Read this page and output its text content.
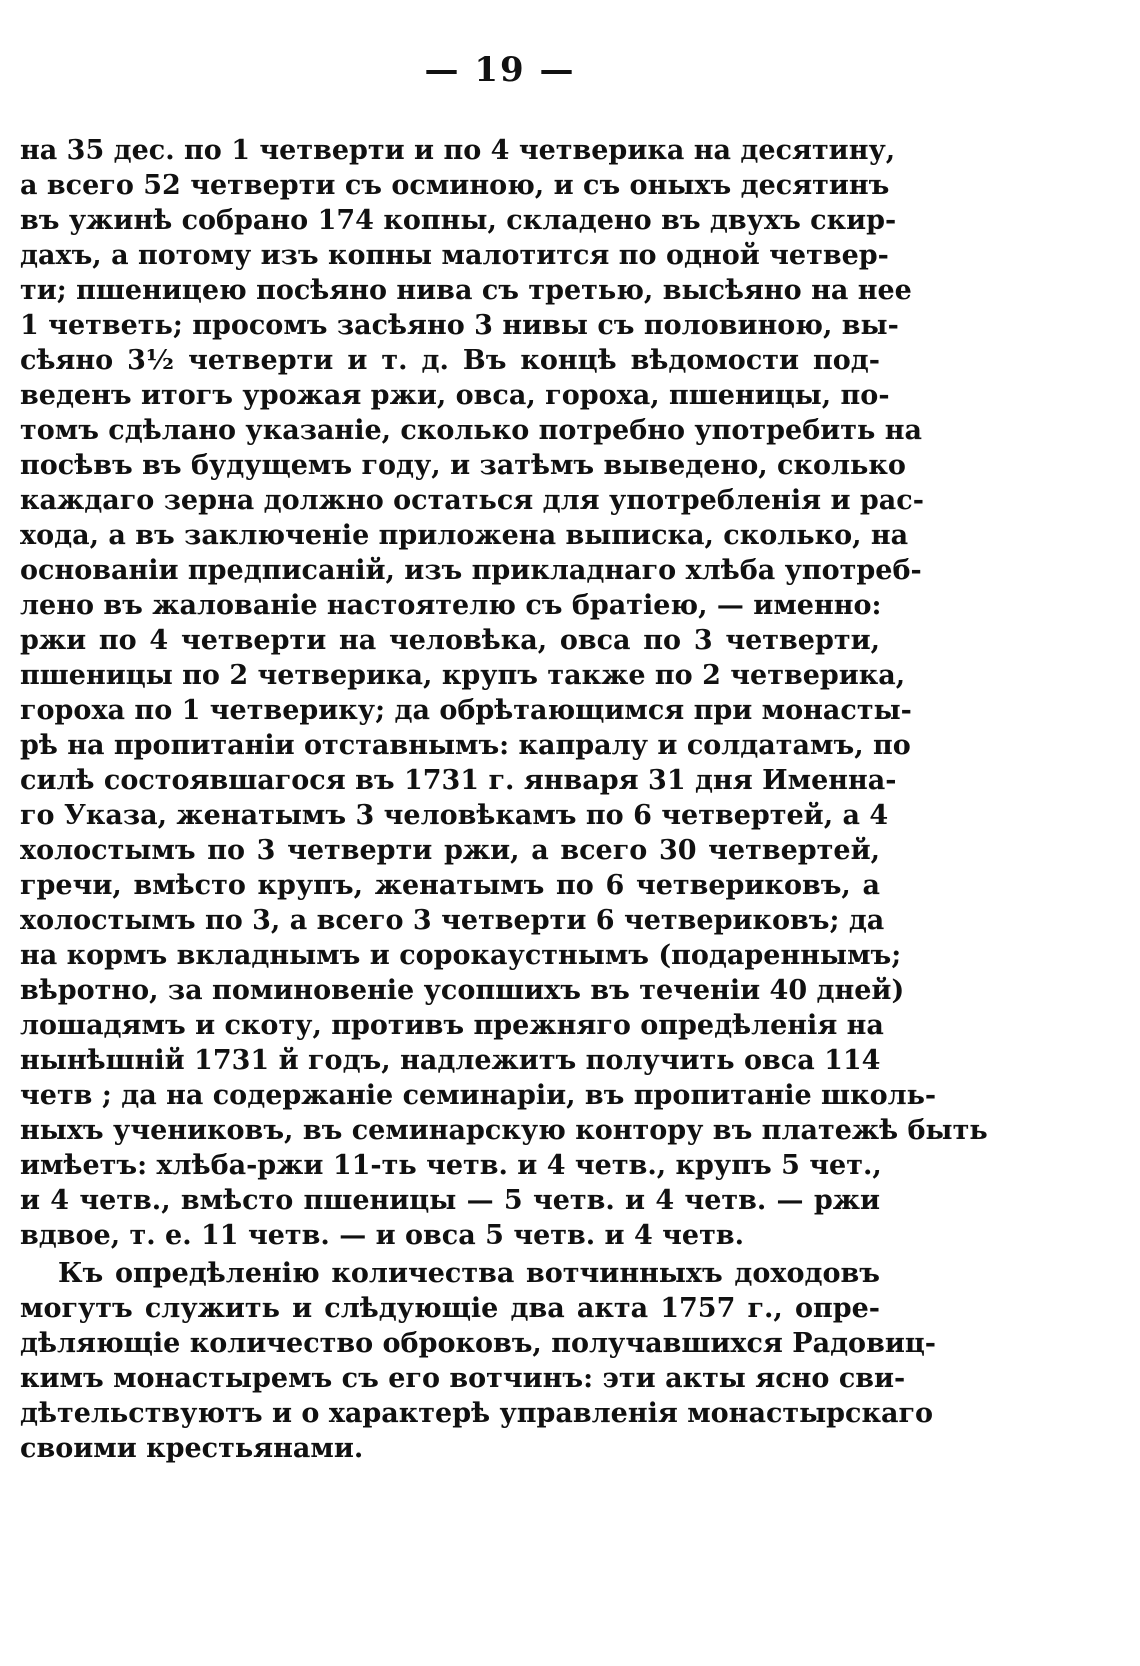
— 19 —
на 35 дес. по 1 четверти и по 4 четверика на десятину,
а всего 52 четверти съ осминою, и съ оныхъ десятинъ
въ ужинѣ собрано 174 копны, складено въ двухъ скир-
дахъ, а потому изъ копны малотится по одной четвер-
ти; пшеницею посѣяно нива съ третью, высѣяно на нее
1 четветь; просомъ засѣяно 3 нивы съ половиною, вы-
сѣяно 3½ четверти и т. д. Въ концѣ вѣдомости под-
веденъ итогъ урожая ржи, овса, гороха, пшеницы, по-
томъ сдѣлано указаніе, сколько потребно употребить на
посѣвъ въ будущемъ году, и затѣмъ выведено, сколько
каждаго зерна должно остаться для употребленія и рас-
хода, а въ заключеніе приложена выписка, сколько, на
основаніи предписаній, изъ прикладнаго хлѣба употреб-
лено въ жалованіе настоятелю съ братіею, — именно:
ржи по 4 четверти на человѣка, овса по 3 четверти,
пшеницы по 2 четверика, крупъ также по 2 четверика,
гороха по 1 четверику; да обрѣтающимся при монасты-
рѣ на пропитаніи отставнымъ: капралу и солдатамъ, по
силѣ состоявшагося въ 1731 г. января 31 дня Именна-
го Указа, женатымъ 3 человѣкамъ по 6 четвертей, а 4
холостымъ по 3 четверти ржи, а всего 30 четвертей,
гречи, вмѣсто крупъ, женатымъ по 6 четвериковъ, а
холостымъ по 3, а всего 3 четверти 6 четвериковъ; да
на кормъ вкладнымъ и сорокаустнымъ (подареннымъ;
вѣротно, за поминовеніе усопшихъ въ теченіи 40 дней)
лошадямъ и скоту, противъ прежняго опредѣленія на
нынѣшній 1731 й годъ, надлежитъ получить овса 114
четв ; да на содержаніе семинаріи, въ пропитаніе школь-
ныхъ учениковъ, въ семинарскую контору въ платежѣ быть
имѣетъ: хлѣба-ржи 11-ть четв. и 4 четв., крупъ 5 чет.,
и 4 четв., вмѣсто пшеницы — 5 четв. и 4 четв. — ржи
вдвое, т. е. 11 четв. — и овса 5 четв. и 4 четв.
Къ опредѣленію количества вотчинныхъ доходовъ
могутъ служить и слѣдующіе два акта 1757 г., опре-
дѣляющіе количество оброковъ, получавшихся Радовиц-
кимъ монастыремъ съ его вотчинъ: эти акты ясно сви-
дѣтельствуютъ и о характерѣ управленія монастырскаго
своими крестьянами.
